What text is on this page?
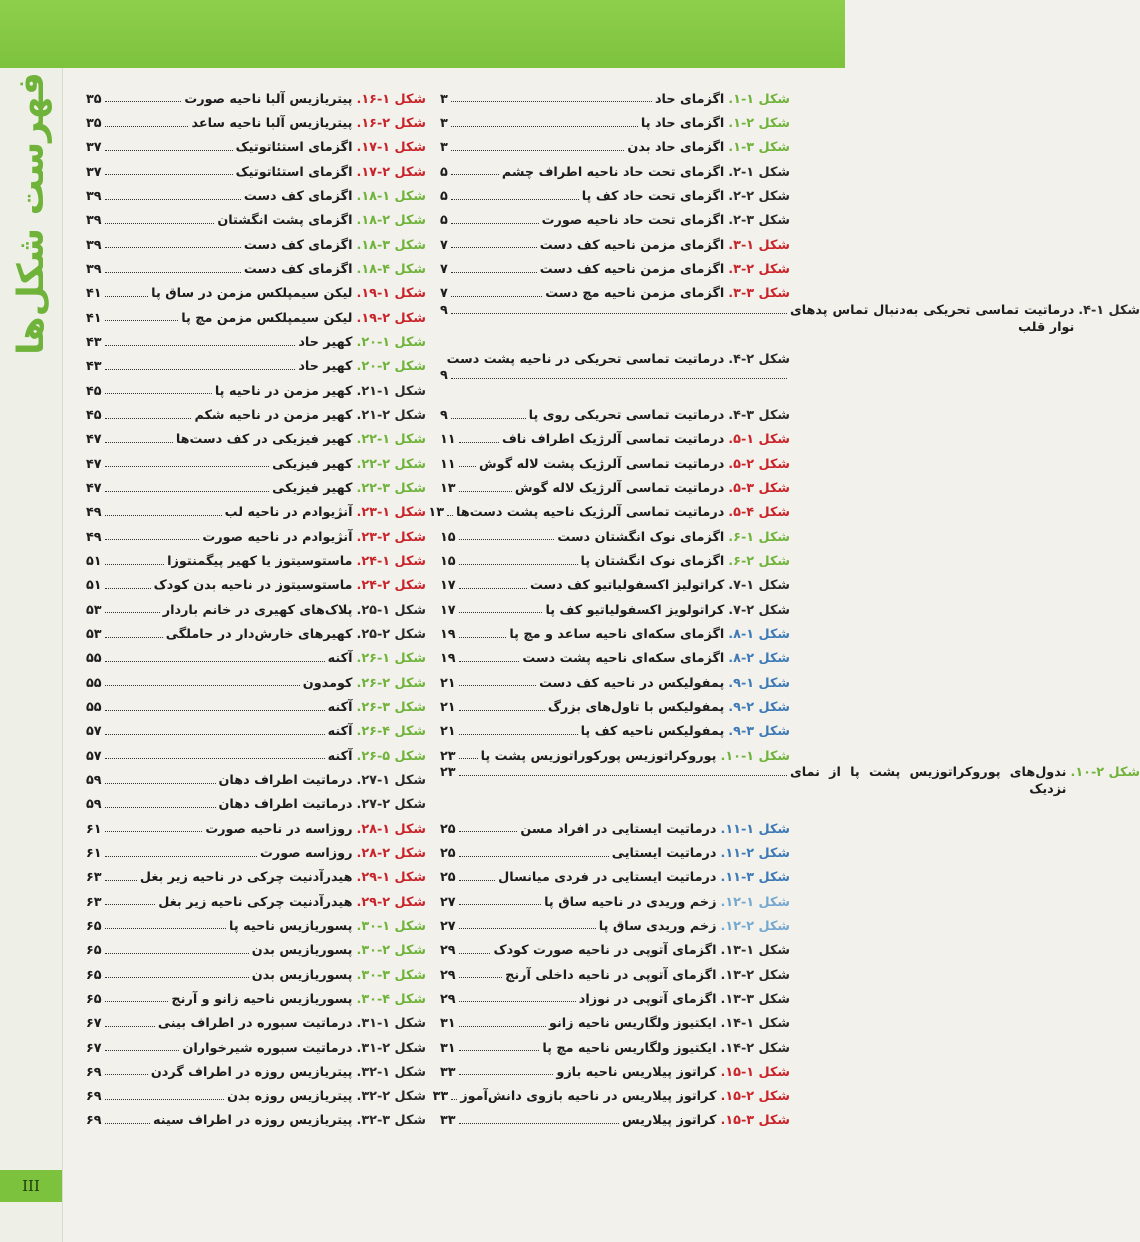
فهرست شکل‌ها
III
شکل ۱-۱.
اگزمای حاد
۳
شکل ۲-۱.
اگزمای حاد پا
۳
شکل ۳-۱.
اگزمای حاد بدن
۳
شکل ۱-۲.
اگزمای تحت حاد ناحیه اطراف چشم
۵
شکل ۲-۲.
اگزمای تحت حاد کف پا
۵
شکل ۳-۲.
اگزمای تحت حاد ناحیه صورت
۵
شکل ۱-۳.
اگزمای مزمن ناحیه کف دست
۷
شکل ۲-۳.
اگزمای مزمن ناحیه کف دست
۷
شکل ۳-۳.
اگزمای مزمن ناحیه مچ دست
۷
شکل ۱-۴.
درماتیت تماسی تحریکی به‌دنبال تماس پدهای نوار قلب
۹
شکل ۲-۴.
درماتیت تماسی تحریکی در ناحیه پشت دست
۹
شکل ۳-۴.
درماتیت تماسی تحریکی روی پا
۹
شکل ۱-۵.
درماتیت تماسی آلرژیک اطراف ناف
۱۱
شکل ۲-۵.
درماتیت تماسی آلرژیک پشت لاله گوش
۱۱
شکل ۳-۵.
درماتیت تماسی آلرژیک لاله گوش
۱۳
شکل ۴-۵.
درماتیت تماسی آلرژیک ناحیه پشت دست‌ها
۱۳
شکل ۱-۶.
اگزمای نوک انگشتان دست
۱۵
شکل ۲-۶.
اگزمای نوک انگشتان پا
۱۵
شکل ۱-۷.
کراتولیز اکسفولیاتیو کف دست
۱۷
شکل ۲-۷.
کراتولویز اکسفولیاتیو کف پا
۱۷
شکل ۱-۸.
اگزمای سکه‌ای ناحیه ساعد و مچ پا
۱۹
شکل ۲-۸.
اگزمای سکه‌ای ناحیه پشت دست
۱۹
شکل ۱-۹.
پمفولیکس در ناحیه کف دست
۲۱
شکل ۲-۹.
پمفولیکس با تاول‌های بزرگ
۲۱
شکل ۳-۹.
پمفولیکس ناحیه کف پا
۲۱
شکل ۱-۱۰.
پوروکراتوزیس پورکوراتوزیس پشت پا
۲۳
شکل ۲-۱۰.
ندول‌های پوروکراتوزیس پشت پا از نمای نزدیک
۲۳
شکل ۱-۱۱.
درماتیت ایستایی در افراد مسن
۲۵
شکل ۲-۱۱.
درماتیت ایستایی
۲۵
شکل ۳-۱۱.
درماتیت ایستایی در فردی میانسال
۲۵
شکل ۱-۱۲.
زخم وریدی در ناحیه ساق پا
۲۷
شکل ۲-۱۲.
زخم وریدی ساق پا
۲۷
شکل ۱-۱۳.
اگزمای آتوپی در ناحیه صورت کودک
۲۹
شکل ۲-۱۳.
اگزمای آتوپی در ناحیه داخلی آرنج
۲۹
شکل ۳-۱۳.
اگزمای آتوپی در نوزاد
۲۹
شکل ۱-۱۴.
ایکتیوز ولگاریس ناحیه زانو
۳۱
شکل ۲-۱۴.
ایکتیوز ولگاریس ناحیه مچ پا
۳۱
شکل ۱-۱۵.
کراتوز پیلاریس ناحیه بازو
۳۳
شکل ۲-۱۵.
کراتوز پیلاریس در ناحیه بازوی دانش‌آموز
۳۳
شکل ۳-۱۵.
کراتوز پیلاریس
۳۳
شکل ۱-۱۶.
پیتریازیس آلبا ناحیه صورت
۳۵
شکل ۲-۱۶.
پیتریازیس آلبا ناحیه ساعد
۳۵
شکل ۱-۱۷.
اگزمای استئاتوتیک
۳۷
شکل ۲-۱۷.
اگزمای استئاتوتیک
۳۷
شکل ۱-۱۸.
اگزمای کف دست
۳۹
شکل ۲-۱۸.
اگزمای پشت انگشتان
۳۹
شکل ۳-۱۸.
اگزمای کف دست
۳۹
شکل ۴-۱۸.
اگزمای کف دست
۳۹
شکل ۱-۱۹.
لیکن سیمپلکس مزمن در ساق پا
۴۱
شکل ۲-۱۹.
لیکن سیمپلکس مزمن مچ پا
۴۱
شکل ۱-۲۰.
کهیر حاد
۴۳
شکل ۲-۲۰.
کهیر حاد
۴۳
شکل ۱-۲۱.
کهیر مزمن در ناحیه پا
۴۵
شکل ۲-۲۱.
کهیر مزمن در ناحیه شکم
۴۵
شکل ۱-۲۲.
کهیر فیزیکی در کف دست‌ها
۴۷
شکل ۲-۲۲.
کهیر فیزیکی
۴۷
شکل ۳-۲۲.
کهیر فیزیکی
۴۷
شکل ۱-۲۳.
آنژیوادم در ناحیه لب
۴۹
شکل ۲-۲۳.
آنژیوادم در ناحیه صورت
۴۹
شکل ۱-۲۴.
ماستوسیتوز یا کهیر پیگمنتوزا
۵۱
شکل ۲-۲۴.
ماستوسیتوز در ناحیه بدن کودک
۵۱
شکل ۱-۲۵.
پلاک‌های کهیری در خانم باردار
۵۳
شکل ۲-۲۵.
کهیرهای خارش‌دار در حاملگی
۵۳
شکل ۱-۲۶.
آکنه
۵۵
شکل ۲-۲۶.
کومدون
۵۵
شکل ۳-۲۶.
آکنه
۵۵
شکل ۴-۲۶.
آکنه
۵۷
شکل ۵-۲۶.
آکنه
۵۷
شکل ۱-۲۷.
درماتیت اطراف دهان
۵۹
شکل ۲-۲۷.
درماتیت اطراف دهان
۵۹
شکل ۱-۲۸.
روزاسه در ناحیه صورت
۶۱
شکل ۲-۲۸.
روزاسه صورت
۶۱
شکل ۱-۲۹.
هیدرآدنیت چرکی در ناحیه زیر بغل
۶۳
شکل ۲-۲۹.
هیدرآدنیت چرکی ناحیه زیر بغل
۶۳
شکل ۱-۳۰.
پسوریازیس ناحیه پا
۶۵
شکل ۲-۳۰.
پسوریازیس بدن
۶۵
شکل ۳-۳۰.
پسوریازیس بدن
۶۵
شکل ۴-۳۰.
پسوریازیس ناحیه زانو و آرنج
۶۵
شکل ۱-۳۱.
درماتیت سبوره در اطراف بینی
۶۷
شکل ۲-۳۱.
درماتیت سبوره شیرخواران
۶۷
شکل ۱-۳۲.
پیتریازیس روزه در اطراف گردن
۶۹
شکل ۲-۳۲.
پیتریازیس روزه بدن
۶۹
شکل ۳-۳۲.
پیتریازیس روزه در اطراف سینه
۶۹
